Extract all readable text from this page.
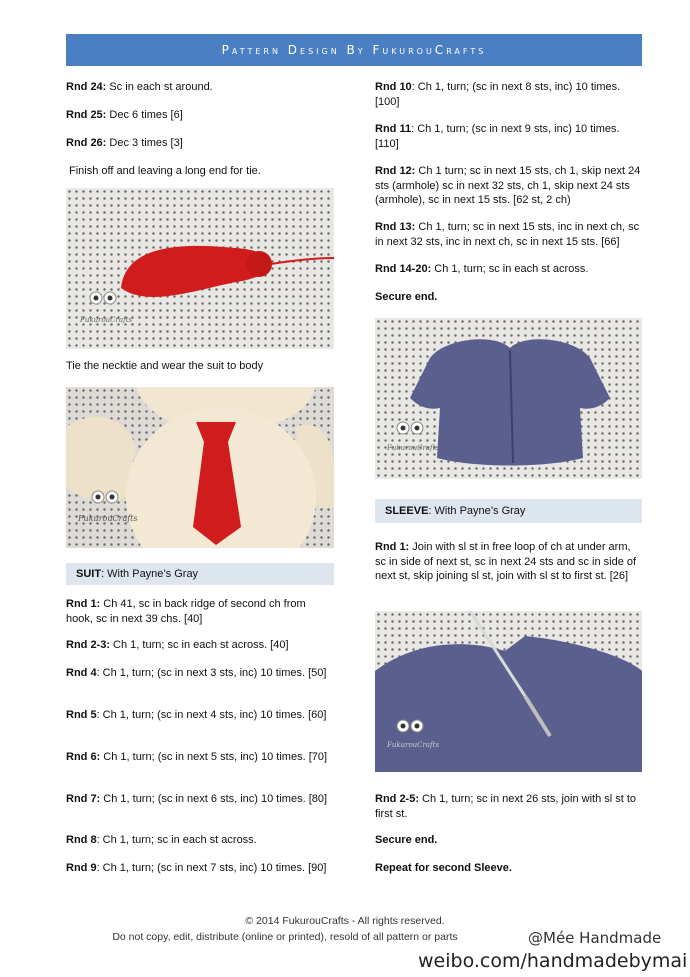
Pattern Design By FukurouCrafts

Rnd 24: Sc in each st around.

Rnd 25: Dec 6 times [6]

Rnd 26: Dec 3 times [3]

Finish off and leaving a long end for tie.

Tie the necktie and wear the suit to body

FukurouCrafts
FukurouCrafts
SUIT: With Payne’s Gray

Rnd 1: Ch 41, sc in back ridge of second ch from hook, sc in next 39 chs. [40]

Rnd 2-3: Ch 1, turn; sc in each st across. [40]

Rnd 4: Ch 1, turn; (sc in next 3 sts, inc) 10 times. [50]

Rnd 5: Ch 1, turn; (sc in next 4 sts, inc) 10 times. [60]

Rnd 6: Ch 1, turn; (sc in next 5 sts, inc) 10 times. [70]

Rnd 7: Ch 1, turn; (sc in next 6 sts, inc) 10 times. [80]

Rnd 8: Ch 1, turn; sc in each st across.

Rnd 9: Ch 1, turn; (sc in next 7 sts, inc) 10 times. [90]

Rnd 10: Ch 1, turn; (sc in next 8 sts, inc) 10 times. [100]

Rnd 11: Ch 1, turn; (sc in next 9 sts, inc) 10 times. [110]

Rnd 12: Ch 1 turn; sc in next 15 sts, ch 1, skip next 24 sts (armhole) sc in next 32 sts, ch 1, skip next 24 sts (armhole), sc in next 15 sts. [62 st, 2 ch)

Rnd 13: Ch 1, turn; sc in next 15 sts, inc in next ch, sc in next 32 sts, inc in next ch, sc in next 15 sts. [66]

Rnd 14-20: Ch 1, turn; sc in each st across.

Secure end.

FukurouCrafts
SLEEVE: With Payne’s Gray

Rnd 1: Join with sl st in free loop of ch at under arm, sc in side of next st, sc in next 24 sts and sc in side of next st, skip joining sl st, join with sl st to first st. [26]

FukurouCrafts

Rnd 2-5: Ch 1, turn; sc in next 26 sts, join with sl st to first st.

Secure end.

Repeat for second Sleeve.

© 2014 FukurouCrafts - All rights reserved.
Do not copy, edit, distribute (online or printed), resold of all pattern or parts	@Mée Handmade
weibo.com/handmadebymai
